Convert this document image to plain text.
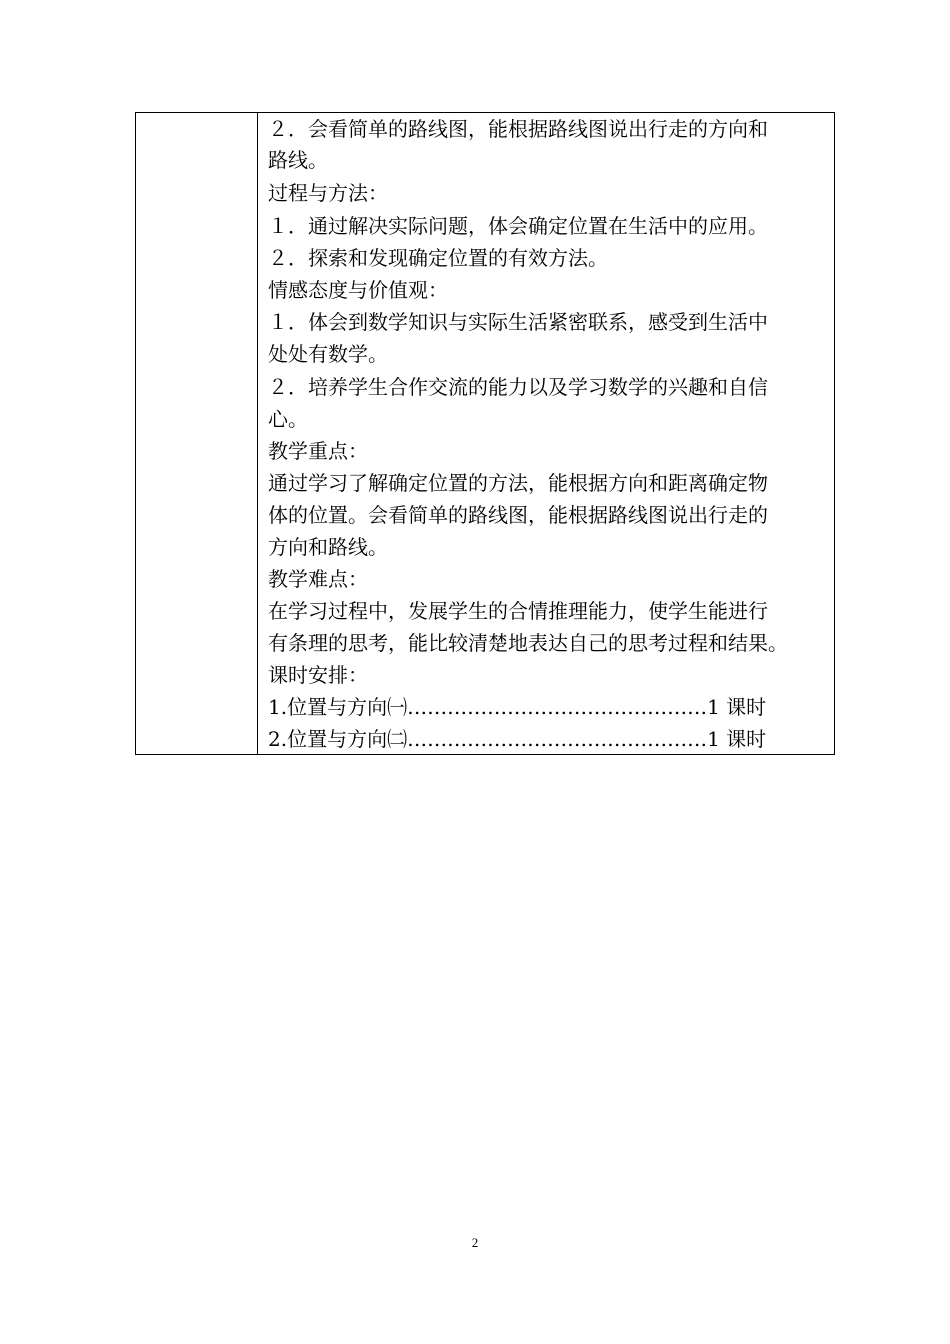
２．会看简单的路线图，能根据路线图说出行走的方向和
路线。
过程与方法：
１．通过解决实际问题，体会确定位置在生活中的应用。
２．探索和发现确定位置的有效方法。
情感态度与价值观：
１．体会到数学知识与实际生活紧密联系，感受到生活中
处处有数学。
２．培养学生合作交流的能力以及学习数学的兴趣和自信
心。
教学重点：
通过学习了解确定位置的方法，能根据方向和距离确定物
体的位置。会看简单的路线图，能根据路线图说出行走的
方向和路线。
教学难点：
在学习过程中，发展学生的合情推理能力，使学生能进行
有条理的思考，能比较清楚地表达自己的思考过程和结果。
课时安排：
1.位置与方向㈠………………………………………1 课时
2.位置与方向㈡………………………………………1 课时
2
